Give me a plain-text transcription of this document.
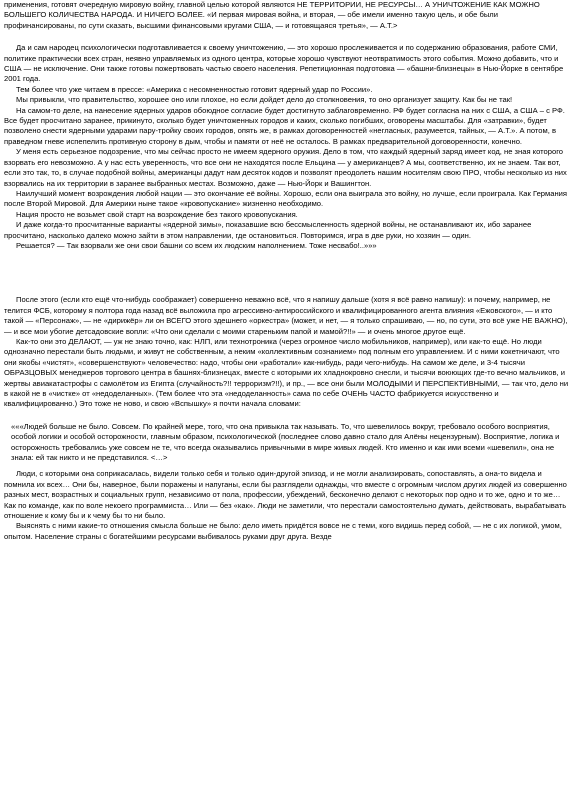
применения, готовят очередную мировую войну, главной целью которой являются НЕ ТЕРРИТОРИИ, НЕ РЕСУРСЫ… А УНИЧТОЖЕНИЕ КАК МОЖНО БОЛЬШЕГО КОЛИЧЕСТВА НАРОДА. И НИЧЕГО БОЛЕЕ. «И первая мировая война, и вторая, — обе имели именно такую цель, и обе были профинансированы, по сути сказать, высшими финансовыми кругами США, — и готовящаяся третья», — А.Т.>

Да и сам народец психологически подготавливается к своему уничтожению, — это хорошо прослеживается и по содержанию образования, работе СМИ, политике практически всех стран, неявно управляемых из одного центра, которые хорошо чувствуют неотвратимость этого события. Можно добавить, что и США — не исключение. Они также готовы пожертвовать частью своего населения. Репетиционная подготовка — «башни-близнецы» в Нью-Йорке в сентябре 2001 года.

Тем более что уже читаем в прессе: «Америка с несомненностью готовит ядерный удар по России».

Мы привыкли, что правительство, хорошее оно или плохое, но если дойдет дело до столкновения, то оно организует защиту. Как бы не так!

На самом-то деле, на нанесение ядерных ударов обоюдное согласие будет достигнуто заблаговременно. РФ будет согласна на них с США, а США – с РФ. Все будет просчитано заранее, прикинуто, сколько будет уничтоженных городов и каких, сколько погибших, оговорены масштабы. Для «затравки», будет позволено снести ядерными ударами пару-тройку своих городов, опять же, в рамках договоренностей «негласных, разумеется, тайных, — А.Т.». А потом, в праведном гневе испепелить противную сторону в дым, чтобы и памяти от неё не осталось. В рамках предварительной договоренности, конечно.

У меня есть серьезное подозрение, что мы сейчас просто не имеем ядерного оружия. Дело в том, что каждый ядерный заряд имеет код, не зная которого взорвать его невозможно. А у нас есть уверенность, что все они не находятся после Ельцина — у американцев? А мы, соответственно, их не знаем. Так вот, если это так, то, в случае подобной войны, американцы дадут нам десяток кодов и позволят преодолеть нашим носителям свою ПРО, чтобы несколько из них взорвались на их территории в заранее выбранных местах. Возможно, даже — Нью-Йорк и Вашингтон.

Наилучший момент возрождения любой нации — это окончание её войны. Хорошо, если она выиграла это войну, но лучше, если проиграла. Как Германия после Второй Мировой. Для Америки ныне такое «кровопускание» жизненно необходимо.

Нация просто не возьмет свой старт на возрождение без такого кровопускания.

И даже когда-то просчитанные варианты «ядерной зимы», показавшие всю бессмысленность ядерной войны, не останавливают их, ибо заранее просчитано, насколько далеко можно зайти в этом направлении, где остановиться. Повторимся, игра в две руки, но хозяин — один.

Решается? — Так взорвали же они свои башни со всем их людским наполнением. Тоже несвабо!..»»»

После этого (если кто ещё что-нибудь соображает) совершенно неважно всё, что я напишу дальше (хотя я всё равно напишу): и почему, например, не телится ФСБ, которому я полтора года назад всё выложила про агрессивно-антироссийского и квалифицированного агента влияния «Ежовского», — и кто такой — «Персонаж», — не «дирижёр» ли он ВСЕГО этого здешнего «оркестра» (может, и нет, — я только спрашиваю, — но, по сути, это всё уже НЕ ВАЖНО), — и все мои убогие детсадовские вопли: «Что они сделали с моими стареньким папой и мамой?!!» — и очень многое другое ещё.

Как-то они это ДЕЛАЮТ, — уж не знаю точно, как: НЛП, или технотроника (через огромное число мобильников, например), или как-то ещё. Но люди однозначно перестали быть людьми, и живут не собственным, а неким «коллективным сознанием» под полным его управлением. И с ними кокетничают, что они якобы «чистят», «совершенствуют» человечество: надо, чтобы они «работали» как-нибудь, ради чего-нибудь. На самом же деле, и 3-4 тысячи ОБРАЗЦОВЫХ менеджеров торгового центра в башнях-близнецах, вместе с которыми их хладнокровно снесли, и тысячи воюющих где-то вечно мальчиков, и жертвы авиакатастрофы с самолётом из Египта (случайность?!! терроризм?!!), и пр., — все они были МОЛОДЫМИ И ПЕРСПЕКТИВНЫМИ, — так что, дело ни в какой не в «чистке» от «недоделанных». (Тем более что эта «недоделанность» сама по себе ОЧЕНЬ ЧАСТО фабрикуется искусственно и квалифицированно.) Это тоже не ново, и свою «Вспышку» я почти начала словами:

«««Людей больше не было. Совсем. По крайней мере, того, что она привыкла так называть. То, что шевелилось вокруг, требовало особого восприятия, особой логики и особой осторожности, главным образом, психологической (последнее слово давно стало для Алёны нецензурным). Восприятие, логика и осторожность требовались уже совсем не те, что всегда оказывались привычными в мире живых людей. Кто именно и как ими всеми «шевелил», она не знала: ей так никто и не представился. <…>

Люди, с которыми она соприкасалась, видели только себя и только один-другой эпизод, и не могли анализировать, сопоставлять, а она-то видела и помнила их всех… Они бы, наверное, были поражены и напуганы, если бы разглядели однажды, что вместе с огромным числом других людей из совершенно разных мест, возрастных и социальных групп, независимо от пола, профессии, убеждений, бесконечно делают с некоторых пор одно и то же, одно и то же… Как по команде, как по воле некоего программиста… Или — без «как». Люди не заметили, что перестали самостоятельно думать, действовать, вырабатывать отношение к кому бы и к чему бы то ни было.

Выяснять с ними какие-то отношения смысла больше не было: дело иметь придётся вовсе не с теми, кого видишь перед собой, — не с их логикой, умом, опытом. Население страны с богатейшими ресурсами выбивалось руками друг друга. Везде
